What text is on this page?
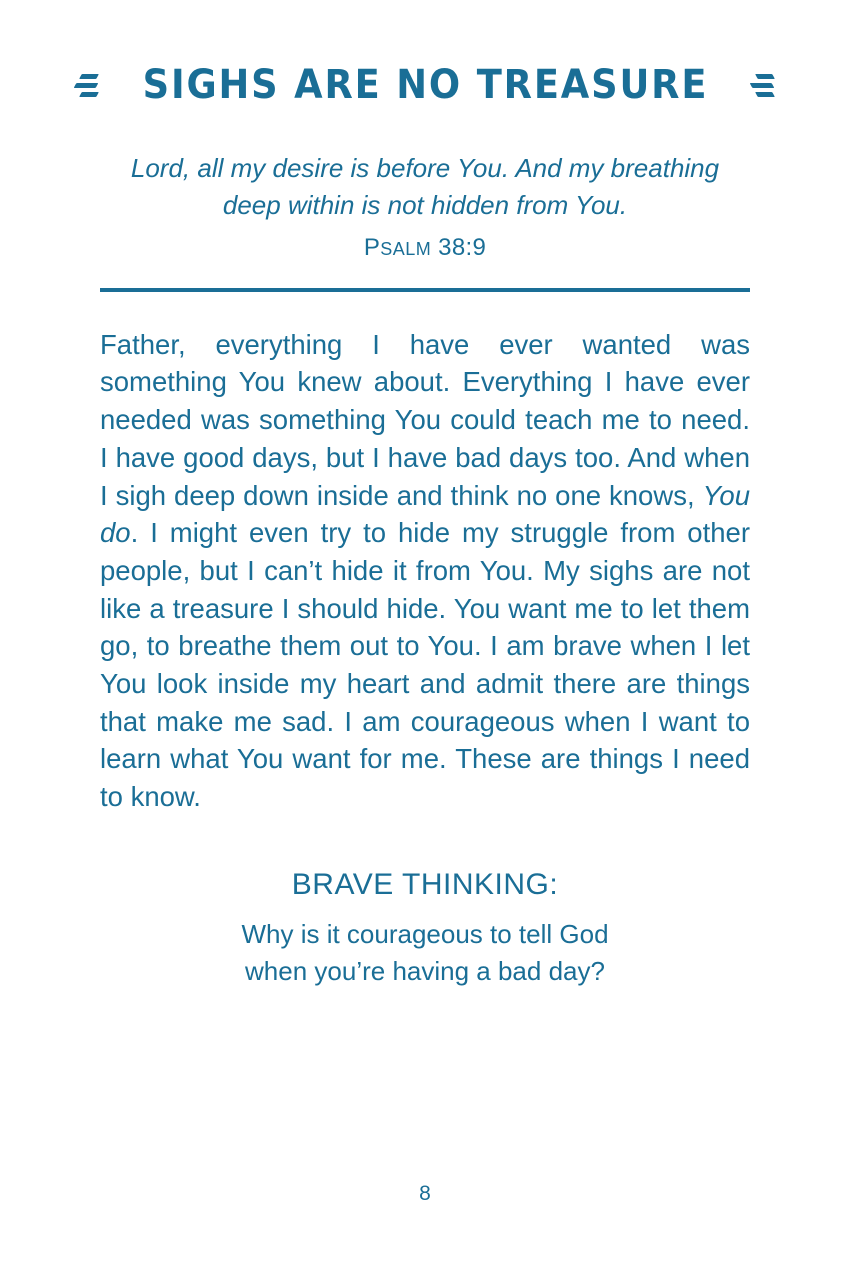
SIGHS ARE NO TREASURE
Lord, all my desire is before You. And my breathing deep within is not hidden from You.
PSALM 38:9
Father, everything I have ever wanted was something You knew about. Everything I have ever needed was something You could teach me to need. I have good days, but I have bad days too. And when I sigh deep down inside and think no one knows, You do. I might even try to hide my struggle from other people, but I can’t hide it from You. My sighs are not like a treasure I should hide. You want me to let them go, to breathe them out to You. I am brave when I let You look inside my heart and admit there are things that make me sad. I am courageous when I want to learn what You want for me. These are things I need to know.
BRAVE THINKING:
Why is it courageous to tell God
when you’re having a bad day?
8
